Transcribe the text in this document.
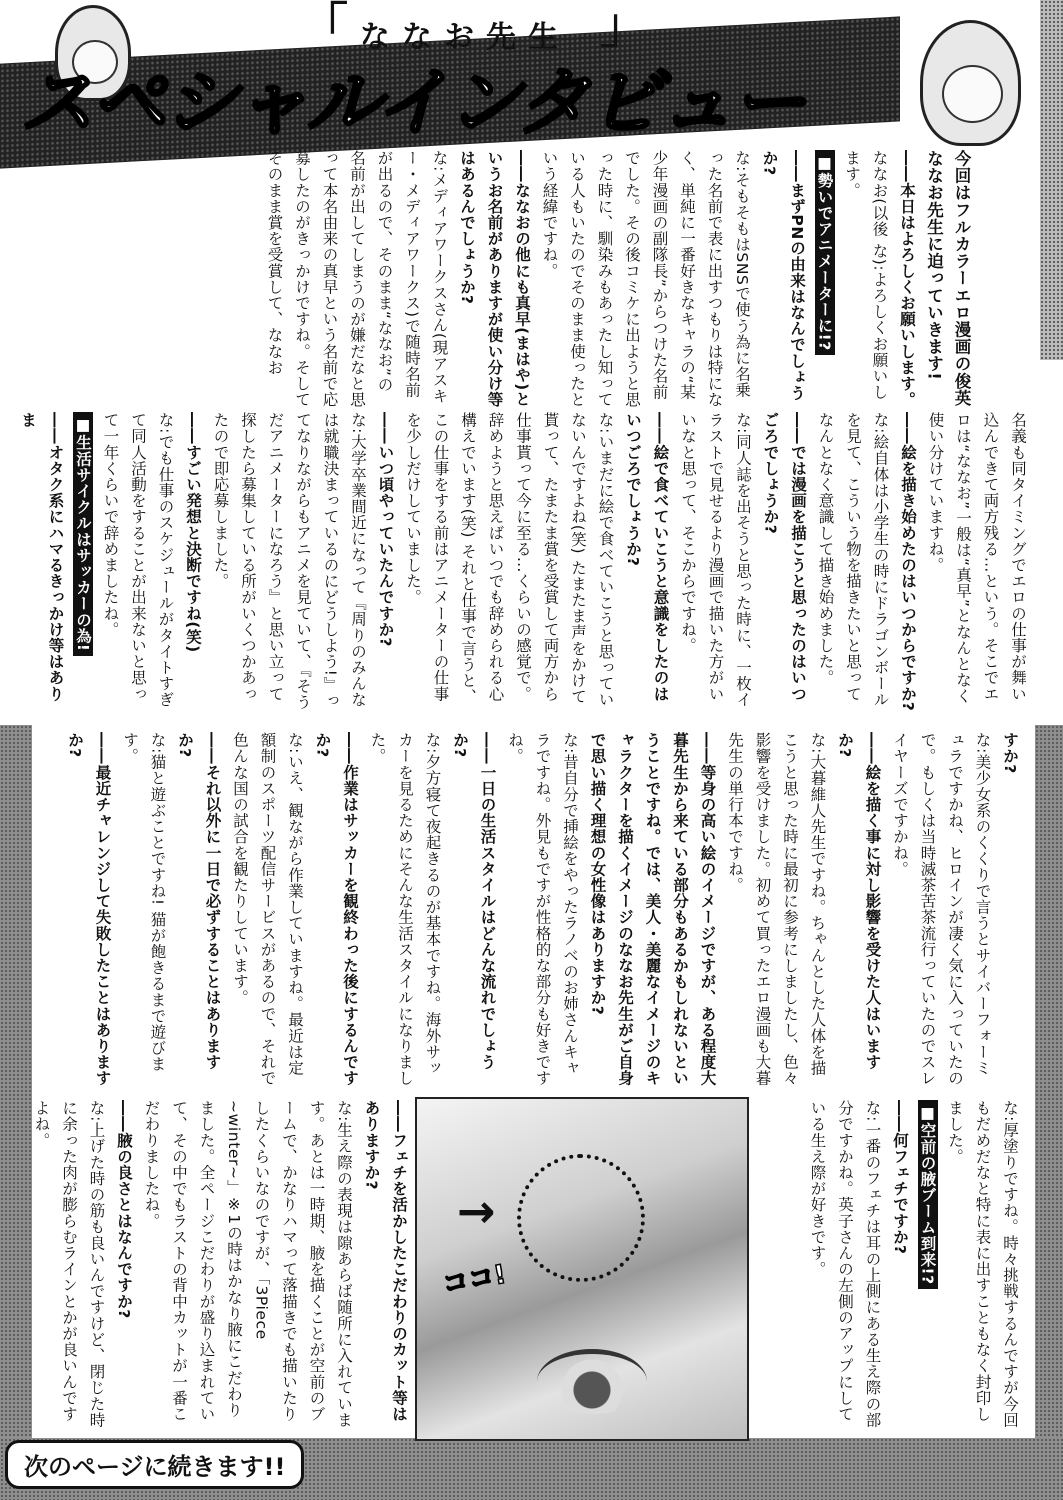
「 ななお先生 」
スペシャルインタビュー

今回はフルカラーエロ漫画の俊英ななお先生に迫っていきます!

――本日はよろしくお願いします。

ななお(以後 な):よろしくお願いします。

■勢いでアニメーターに!?

――まずPNの由来はなんでしょうか?

な:そもそもはSNSで使う為に名乗った名前で表に出すつもりは特になく、単純に一番好きなキャラの“某少年漫画の副隊長”からつけた名前でした。その後コミケに出ようと思った時に、馴染みもあったし知っている人もいたのでそのまま使ったという経緯ですね。

――ななおの他にも真早(まはや)というお名前がありますが使い分け等はあるんでしょうか?

な:メディアワークスさん(現アスキー・メディアワークス)で随時名前が出るので、そのまま“ななお”の名前が出してしまうのが嫌だなと思って本名由来の真早という名前で応募したのがきっかけですね。そしてそのまま賞を受賞して、ななお

名義も同タイミングでエロの仕事が舞い込んできて両方残る…という。そこでエロは“ななお”一般は“真早”となんとなく使い分けていますね。

――絵を描き始めたのはいつからですか?

な:絵自体は小学生の時にドラゴンボールを見て、こういう物を描きたいと思ってなんとなく意識して描き始めました。

――では漫画を描こうと思ったのはいつごろでしょうか?

な:同人誌を出そうと思った時に、一枚イラストで見せるより漫画で描いた方がいいなと思って、そこからですね。

――絵で食べていこうと意識をしたのはいつごろでしょうか?

な:いまだに絵で食べていこうと思っていないんですよね(笑) たまたま声をかけて貰って、たまたま賞を受賞して両方から仕事貰って今に至る…くらいの感覚で。辞めようと思えばいつでも辞められる心構えでいます(笑) それと仕事で言うと、この仕事をする前はアニメーターの仕事を少しだけしていました。

――いつ頃やっていたんですか?

な:大学卒業間近になって『周りのみんなは就職決まっているのにどうしよう!』ってなりながらもアニメを見ていて、『そうだアニメーターになろう』と思い立って探したら募集している所がいくつかあったので即応募しました。

――すごい発想と決断ですね(笑)

な:でも仕事のスケジュールがタイトすぎて同人活動をすることが出来ないと思って一年くらいで辞めましたね。

■生活サイクルはサッカーの為!

――オタク系にハマるきっかけ等はありま

すか?

な:美少女系のくくりで言うとサイバーフォーミュラですかね、ヒロインが凄く気に入っていたので。もしくは当時滅茶苦茶流行っていたのでスレイヤーズですかね。

――絵を描く事に対し影響を受けた人はいますか?

な:大暮維人先生ですね。ちゃんとした人体を描こうと思った時に最初に参考にしましたし、色々影響を受けました。初めて買ったエロ漫画も大暮先生の単行本ですね。

――等身の高い絵のイメージですが、ある程度大暮先生から来ている部分もあるかもしれないということですね。では、美人・美麗なイメージのキャラクターを描くイメージのななお先生がご自身で思い描く理想の女性像はありますか?

な:昔自分で挿絵をやったラノベのお姉さんキャラですね。外見もですが性格的な部分も好きですね。

――一日の生活スタイルはどんな流れでしょうか?

な:夕方寝て夜起きるのが基本ですね。海外サッカーを見るためにそんな生活スタイルになりました。

――作業はサッカーを観終わった後にするんですか?

な:いえ、観ながら作業していますね。最近は定額制のスポーツ配信サービスがあるので、それで色んな国の試合を観たりしています。

――それ以外に一日で必ずすることはありますか?

な:猫と遊ぶことですね! 猫が飽きるまで遊びます。

――最近チャレンジして失敗したことはありますか?

な:厚塗りですね。時々挑戦するんですが今回もだめだなと特に表に出すこともなく封印しました。

■空前の腋ブーム到来!?

――何フェチですか?

な:一番のフェチは耳の上側にある生え際の部分ですかね。英子さんの左側のアップにしている生え際が好きです。

――フェチを活かしたこだわりのカット等はありますか?

な:生え際の表現は隙あらば随所に入れています。あとは一時期、腋を描くことが空前のブームで、かなりハマって落描きでも描いたりしたくらいなのですが、「3Piece ~winter~」※1の時はかなり腋にこだわりました。全ページこだわりが盛り込まれていて、その中でもラストの背中カットが一番こだわりましたね。

――腋の良さとはなんですか?

な:上げた時の筋も良いんですけど、閉じた時に余った肉が膨らむラインとかが良いんですよね。

→
ココ!
次のページに続きます!!
